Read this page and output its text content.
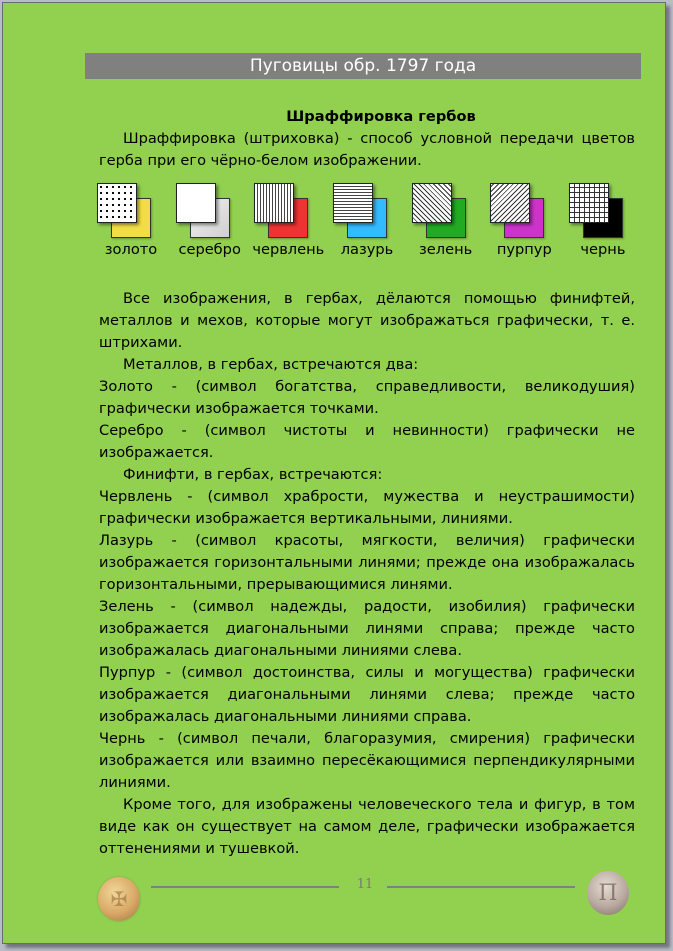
Пуговицы обр. 1797 года
Шраффировка гербов

Шраффировка (штриховка) - способ условной передачи цветов герба при его чёрно-белом изображении.

золото	серебро червлень	лазурь	зелень	пурпур	чернь

Все изображения, в гербах, дёлаются помощью финифтей, металлов и мехов, которые могут изображаться графически, т. е. штрихами.

Металлов, в гербах, встречаются два:

Золото - (символ богатства, справедливости, великодушия) графически изображается точками.

Серебро - (символ чистоты и невинности) графически не изображается.

Финифти, в гербах, встречаются:

Червлень - (символ храбрости, мужества и неустрашимости) графически изображается вертикальными, линиями.

Лазурь - (символ красоты, мягкости, величия) графически изображается горизонтальными линями; прежде она изображалась горизонтальными, прерывающимися линями.

Зелень - (символ надежды, радости, изобилия) графически изображается диагональными линями справа; прежде часто изображалась диагональными линиями слева.

Пурпур - (символ достоинства, силы и могущества) графически изображается диагональными линями слева; прежде часто изображалась диагональными линиями справа.

Чернь - (символ печали, благоразумия, смирения) графически изображается или взаимно пересёкающимися перпендикулярными линиями.

Кроме того, для изображены человеческого тела и фигур, в том виде как он существует на самом деле, графически изображается оттенениями и тушевкой.

✠
11	П
